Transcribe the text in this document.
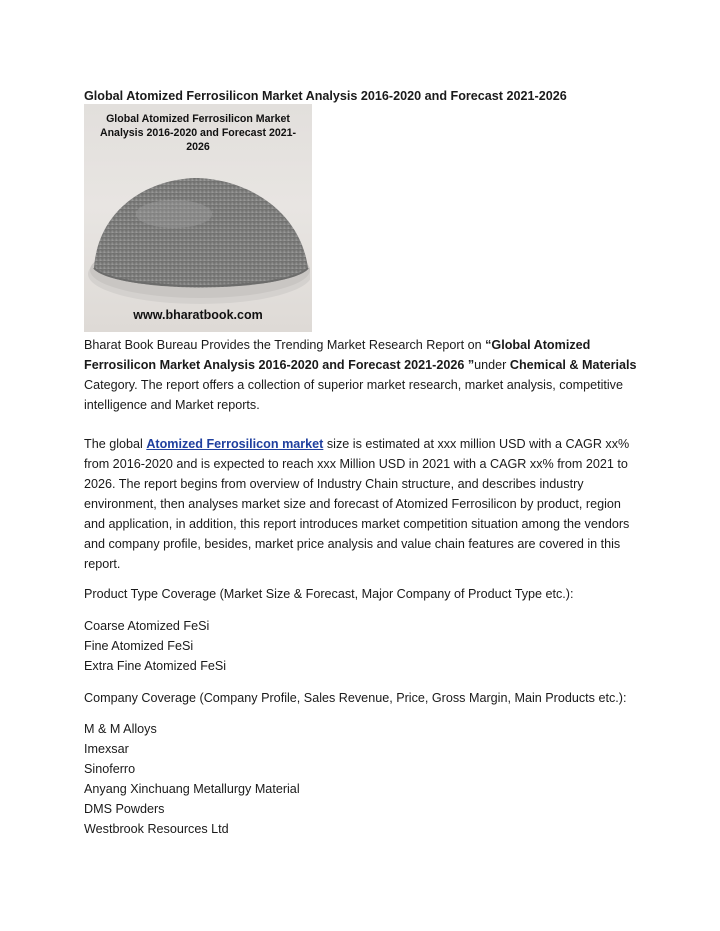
Global Atomized Ferrosilicon Market Analysis 2016-2020 and Forecast 2021-2026
Global Atomized Ferrosilicon Market Analysis 2016-2020 and Forecast 2021-2026
www.bharatbook.com

Bharat Book Bureau Provides the Trending Market Research Report on “Global Atomized Ferrosilicon Market Analysis 2016-2020 and Forecast 2021-2026 ”under Chemical & Materials Category. The report offers a collection of superior market research, market analysis, competitive intelligence and Market reports.

The global Atomized Ferrosilicon market size is estimated at xxx million USD with a CAGR xx% from 2016-2020 and is expected to reach xxx Million USD in 2021 with a CAGR xx% from 2021 to 2026. The report begins from overview of Industry Chain structure, and describes industry environment, then analyses market size and forecast of Atomized Ferrosilicon by product, region and application, in addition, this report introduces market competition situation among the vendors and company profile, besides, market price analysis and value chain features are covered in this report.

Product Type Coverage (Market Size & Forecast, Major Company of Product Type etc.):

Coarse Atomized FeSi
Fine Atomized FeSi
Extra Fine Atomized FeSi

Company Coverage (Company Profile, Sales Revenue, Price, Gross Margin, Main Products etc.):

M & M Alloys
Imexsar
Sinoferro
Anyang Xinchuang Metallurgy Material
DMS Powders
Westbrook Resources Ltd
